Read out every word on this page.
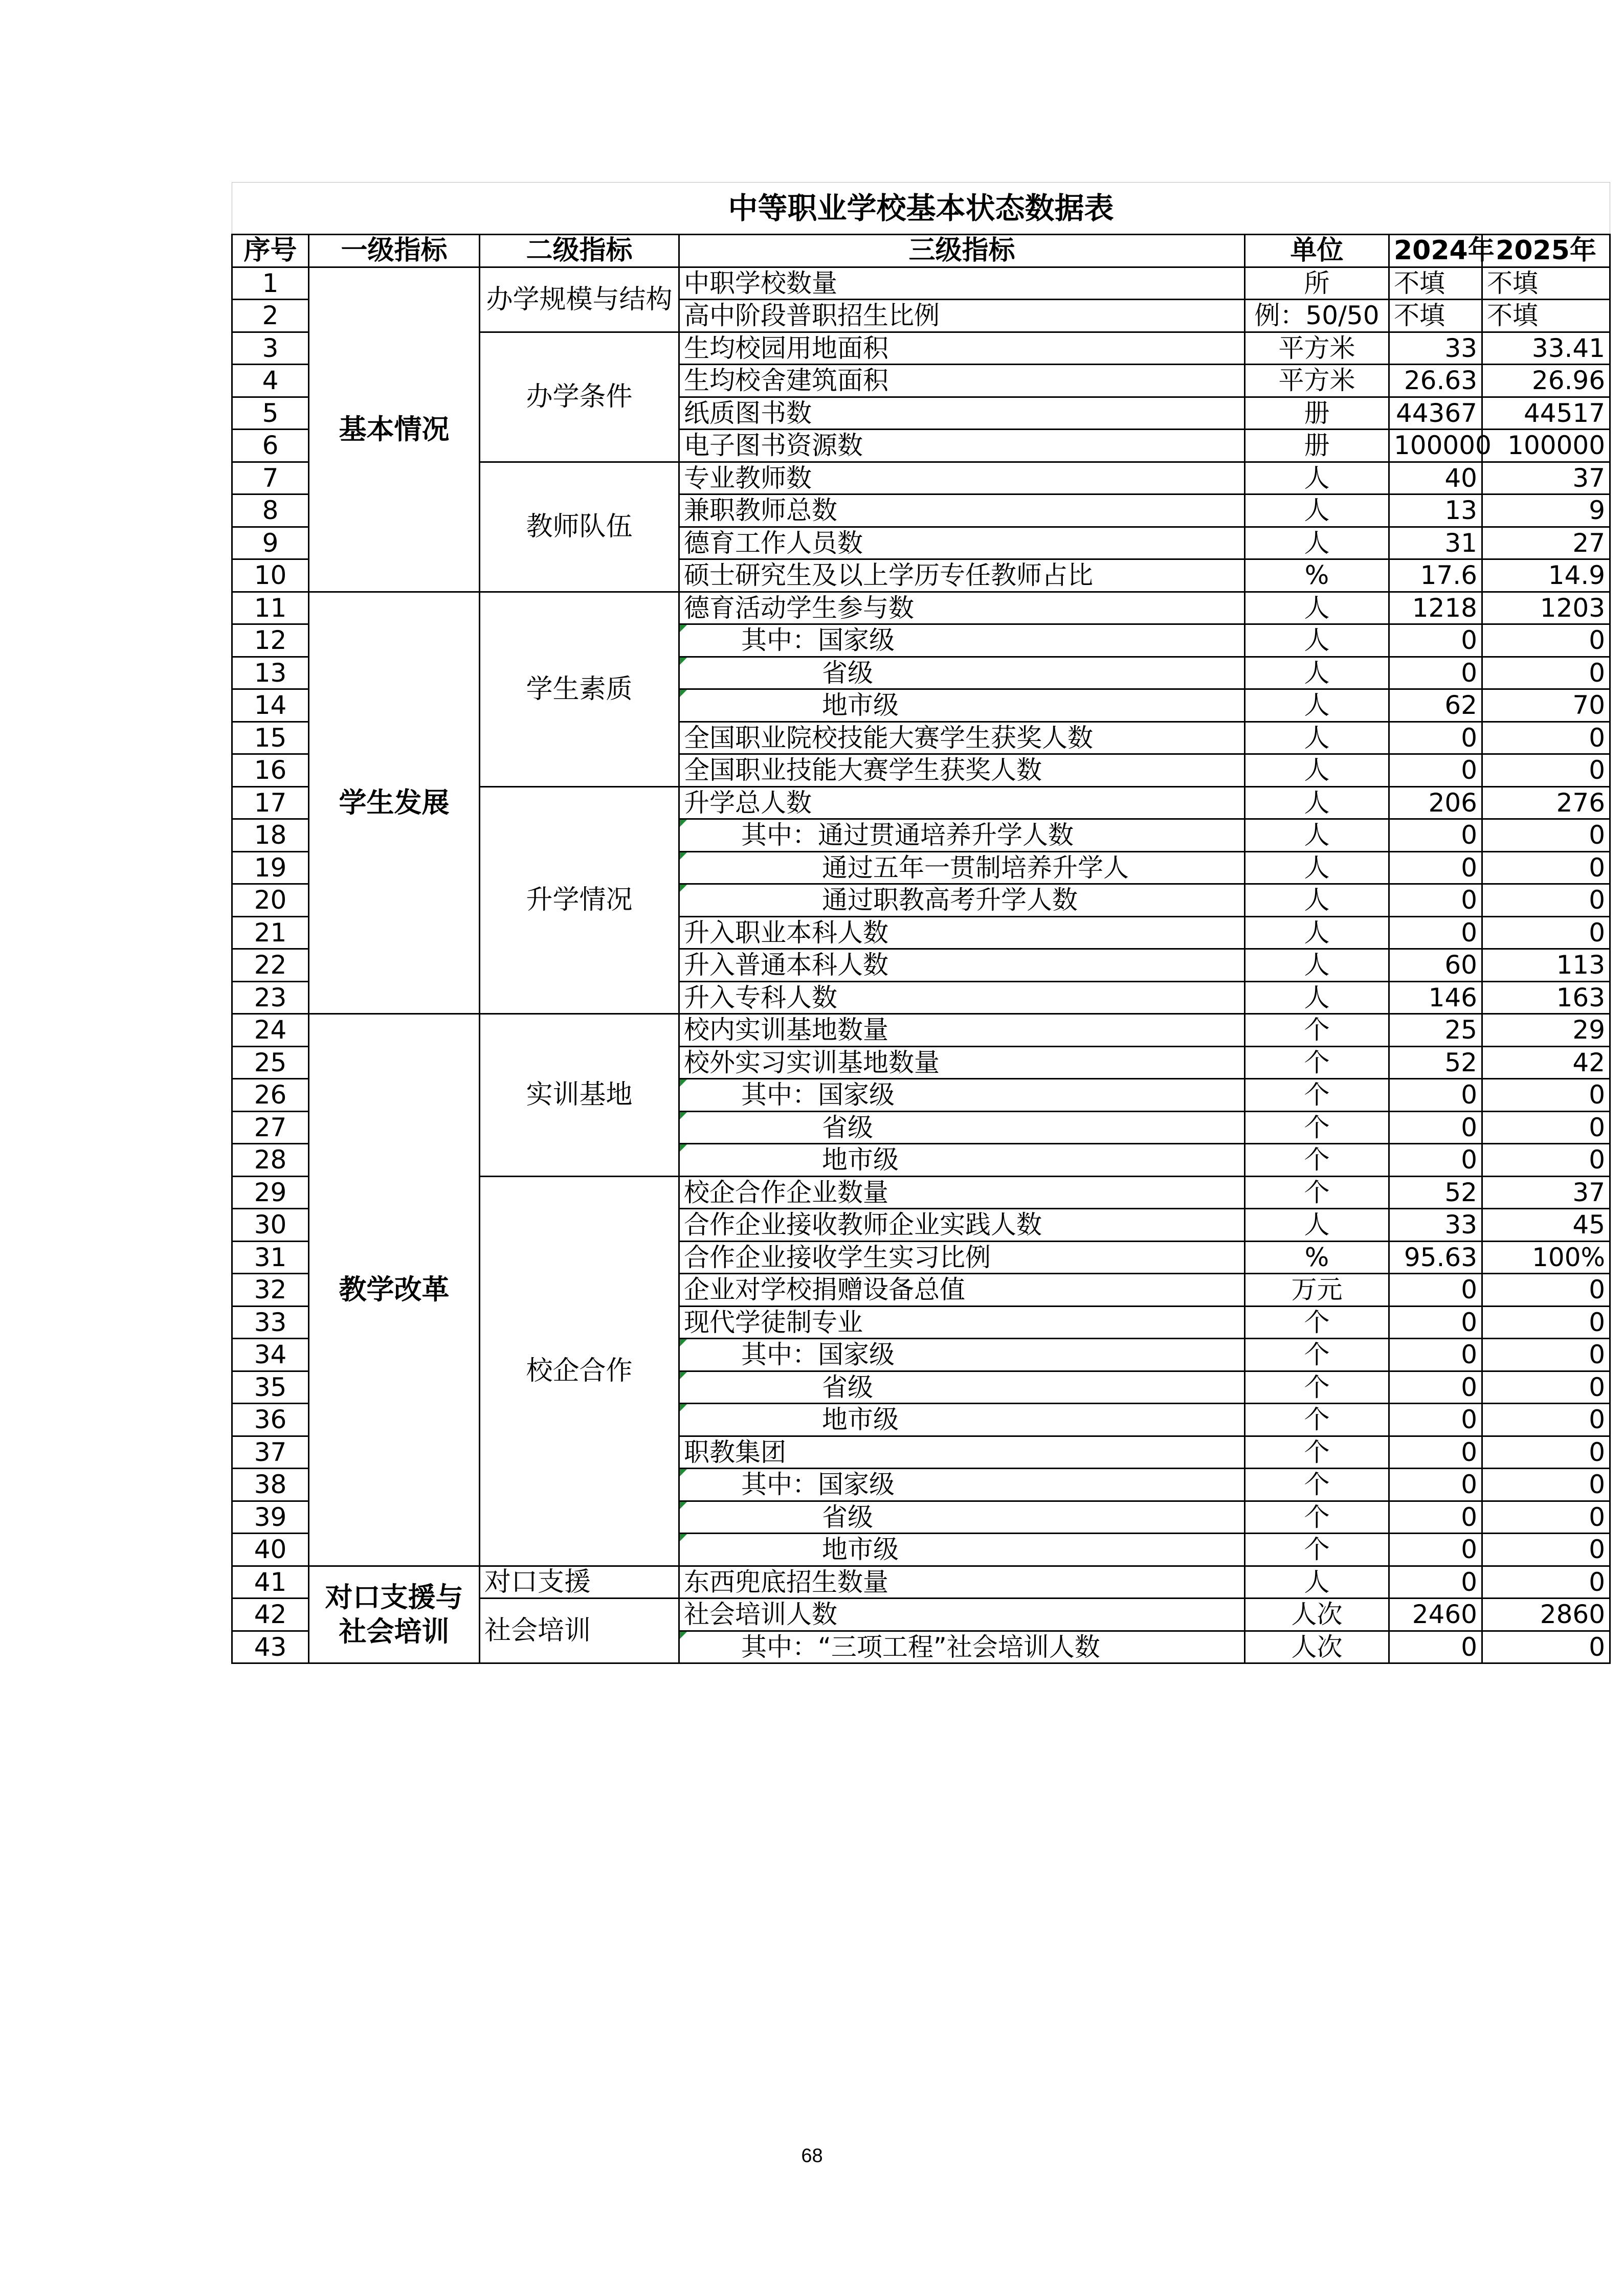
中等职业学校基本状态数据表						
序号	一级指标	二级指标	三级指标	单位	2024年	2025年
1	基本情况	办学规模与结构	中职学校数量	所	不填	不填
2			高中阶段普职招生比例	例：50/50	不填	不填
3		办学条件	生均校园用地面积	平方米	33	33.41
4			生均校舍建筑面积	平方米	26.63	26.96
5			纸质图书数	册	44367	44517
6			电子图书资源数	册	100000	100000
7		教师队伍	专业教师数	人	40	37
8			兼职教师总数	人	13	9
9			德育工作人员数	人	31	27
10			硕士研究生及以上学历专任教师占比	%	17.6	14.9
11	学生发展	学生素质	德育活动学生参与数	人	1218	1203
12			其中：国家级	人	0	0
13			省级	人	0	0
14			地市级	人	62	70
15			全国职业院校技能大赛学生获奖人数	人	0	0
16			全国职业技能大赛学生获奖人数	人	0	0
17		升学情况	升学总人数	人	206	276
18			其中：通过贯通培养升学人数	人	0	0
19			通过五年一贯制培养升学人	人	0	0
20			通过职教高考升学人数	人	0	0
21			升入职业本科人数	人	0	0
22			升入普通本科人数	人	60	113
23			升入专科人数	人	146	163
24	教学改革	实训基地	校内实训基地数量	个	25	29
25			校外实习实训基地数量	个	52	42
26			其中：国家级	个	0	0
27			省级	个	0	0
28			地市级	个	0	0
29		校企合作	校企合作企业数量	个	52	37
30			合作企业接收教师企业实践人数	人	33	45
31			合作企业接收学生实习比例	%	95.63	100%
32			企业对学校捐赠设备总值	万元	0	0
33			现代学徒制专业	个	0	0
34			其中：国家级	个	0	0
35			省级	个	0	0
36			地市级	个	0	0
37			职教集团	个	0	0
38			其中：国家级	个	0	0
39			省级	个	0	0
40			地市级	个	0	0
41	对口支援与社会培训	对口支援	东西兜底招生数量	人	0	0
42		社会培训	社会培训人数	人次	2460	2860
43			其中：“三项工程”社会培训人数	人次	0	0
68
